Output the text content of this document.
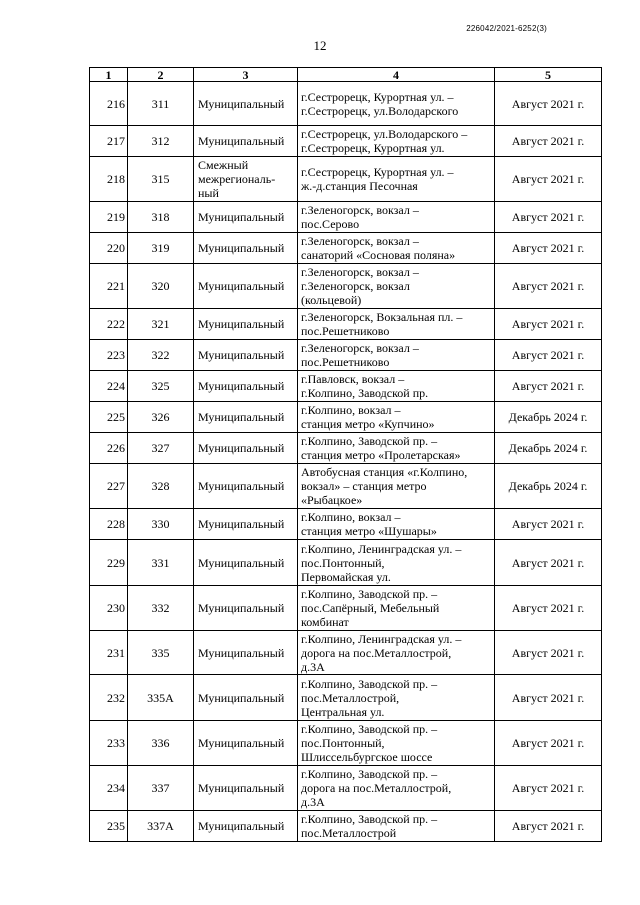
226042/2021-6252(3)
12
1	2	3	4	5
216	311	Муниципальный	г.Сестрорецк, Курортная ул. –
г.Сестрорецк, ул.Володарского	Август 2021 г.
217	312	Муниципальный	г.Сестрорецк, ул.Володарского –
г.Сестрорецк, Курортная ул.	Август 2021 г.
218	315	Смежный
межрегиональ-
ный	г.Сестрорецк, Курортная ул. –
ж.-д.станция Песочная	Август 2021 г.
219	318	Муниципальный	г.Зеленогорск, вокзал –
пос.Серово	Август 2021 г.
220	319	Муниципальный	г.Зеленогорск, вокзал –
санаторий «Сосновая поляна»	Август 2021 г.
221	320	Муниципальный	г.Зеленогорск, вокзал –
г.Зеленогорск, вокзал
(кольцевой)	Август 2021 г.
222	321	Муниципальный	г.Зеленогорск, Вокзальная пл. –
пос.Решетниково	Август 2021 г.
223	322	Муниципальный	г.Зеленогорск, вокзал –
пос.Решетниково	Август 2021 г.
224	325	Муниципальный	г.Павловск, вокзал –
г.Колпино, Заводской пр.	Август 2021 г.
225	326	Муниципальный	г.Колпино, вокзал –
станция метро «Купчино»	Декабрь 2024 г.
226	327	Муниципальный	г.Колпино, Заводской пр. –
станция метро «Пролетарская»	Декабрь 2024 г.
227	328	Муниципальный	Автобусная станция «г.Колпино,
вокзал» – станция метро
«Рыбацкое»	Декабрь 2024 г.
228	330	Муниципальный	г.Колпино, вокзал –
станция метро «Шушары»	Август 2021 г.
229	331	Муниципальный	г.Колпино, Ленинградская ул. –
пос.Понтонный,
Первомайская ул.	Август 2021 г.
230	332	Муниципальный	г.Колпино, Заводской пр. –
пос.Сапёрный, Мебельный
комбинат	Август 2021 г.
231	335	Муниципальный	г.Колпино, Ленинградская ул. –
дорога на пос.Металлострой,
д.3А	Август 2021 г.
232	335А	Муниципальный	г.Колпино, Заводской пр. –
пос.Металлострой,
Центральная ул.	Август 2021 г.
233	336	Муниципальный	г.Колпино, Заводской пр. –
пос.Понтонный,
Шлиссельбургское шоссе	Август 2021 г.
234	337	Муниципальный	г.Колпино, Заводской пр. –
дорога на пос.Металлострой,
д.3А	Август 2021 г.
235	337А	Муниципальный	г.Колпино, Заводской пр. –
пос.Металлострой	Август 2021 г.
